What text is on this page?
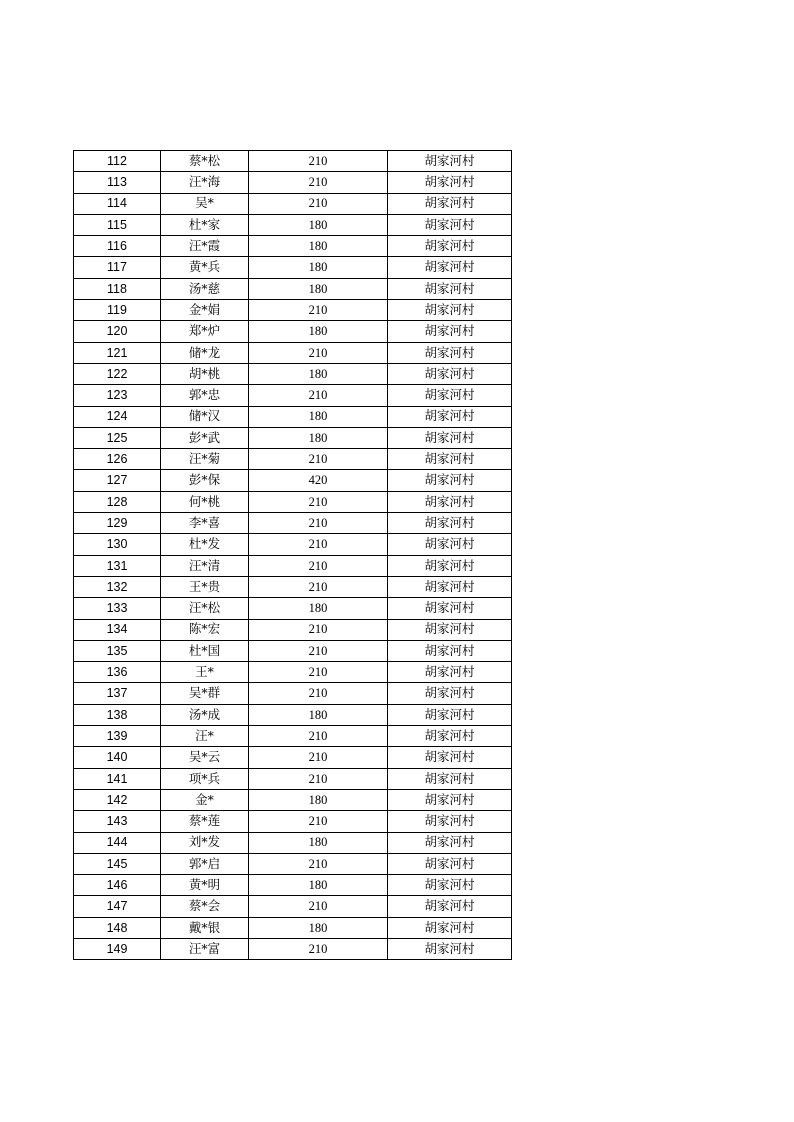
112	蔡*松	210	胡家河村
113	汪*海	210	胡家河村
114	吴*	210	胡家河村
115	杜*家	180	胡家河村
116	汪*霞	180	胡家河村
117	黄*兵	180	胡家河村
118	汤*慈	180	胡家河村
119	金*娟	210	胡家河村
120	郑*炉	180	胡家河村
121	储*龙	210	胡家河村
122	胡*桃	180	胡家河村
123	郭*忠	210	胡家河村
124	储*汉	180	胡家河村
125	彭*武	180	胡家河村
126	汪*菊	210	胡家河村
127	彭*保	420	胡家河村
128	何*桃	210	胡家河村
129	李*喜	210	胡家河村
130	杜*发	210	胡家河村
131	汪*清	210	胡家河村
132	王*贵	210	胡家河村
133	汪*松	180	胡家河村
134	陈*宏	210	胡家河村
135	杜*国	210	胡家河村
136	王*	210	胡家河村
137	吴*群	210	胡家河村
138	汤*成	180	胡家河村
139	汪*	210	胡家河村
140	吴*云	210	胡家河村
141	项*兵	210	胡家河村
142	金*	180	胡家河村
143	蔡*莲	210	胡家河村
144	刘*发	180	胡家河村
145	郭*启	210	胡家河村
146	黄*明	180	胡家河村
147	蔡*会	210	胡家河村
148	戴*银	180	胡家河村
149	汪*富	210	胡家河村
